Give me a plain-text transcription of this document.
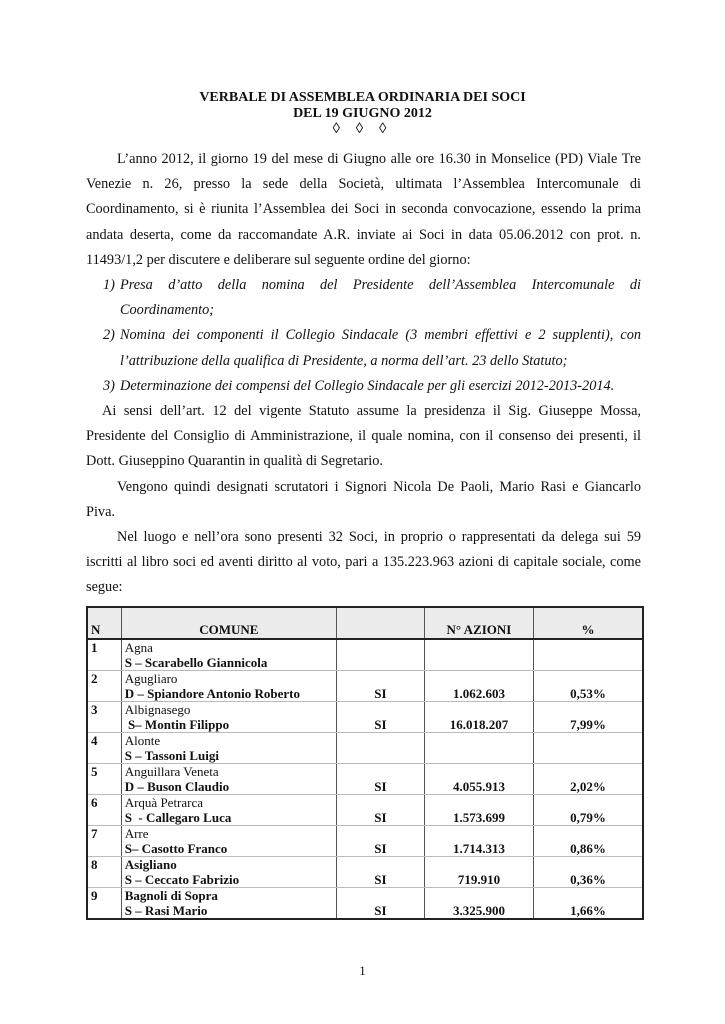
VERBALE DI ASSEMBLEA ORDINARIA DEI SOCI
DEL 19 GIUGNO 2012
◊ ◊ ◊

L’anno 2012, il giorno 19 del mese di Giugno alle ore 16.30 in Monselice (PD) Viale Tre Venezie n. 26, presso la sede della Società, ultimata l’Assemblea Intercomunale di Coordinamento, si è riunita l’Assemblea dei Soci in seconda convocazione, essendo la prima andata deserta, come da raccomandate A.R. inviate ai Soci in data 05.06.2012 con prot. n. 11493/1,2 per discutere e deliberare sul seguente ordine del giorno:

1) Presa d’atto della nomina del Presidente dell’Assemblea Intercomunale di Coordinamento;
2) Nomina dei componenti il Collegio Sindacale (3 membri effettivi e 2 supplenti), con l’attribuzione della qualifica di Presidente, a norma dell’art. 23 dello Statuto;
3) Determinazione dei compensi del Collegio Sindacale per gli esercizi 2012-2013-2014.

Ai sensi dell’art. 12 del vigente Statuto assume la presidenza il Sig. Giuseppe Mossa, Presidente del Consiglio di Amministrazione, il quale nomina, con il consenso dei presenti, il Dott. Giuseppino Quarantin in qualità di Segretario.

Vengono quindi designati scrutatori i Signori Nicola De Paoli, Mario Rasi e Giancarlo Piva.

Nel luogo e nell’ora sono presenti 32 Soci, in proprio o rappresentati da delega sui 59 iscritti al libro soci ed aventi diritto al voto, pari a 135.223.963 azioni di capitale sociale, come segue:

N	COMUNE		N° AZIONI	%
1	Agna
S – Scarabello Giannicola			

2	Agugliaro
D – Spiandore Antonio Roberto	SI	1.062.603	0,53%
3	Albignasego
S– Montin Filippo	SI	16.018.207	7,99%
4	Alonte
S – Tassoni Luigi			

5	Anguillara Veneta
D – Buson Claudio	SI	4.055.913	2,02%
6	Arquà Petrarca
S  - Callegaro Luca	SI	1.573.699	0,79%
7	Arre
S– Casotto Franco	SI	1.714.313	0,86%
8	Asigliano
S – Ceccato Fabrizio	SI	719.910	0,36%
9	Bagnoli di Sopra
S – Rasi Mario	SI	3.325.900	1,66%
1
